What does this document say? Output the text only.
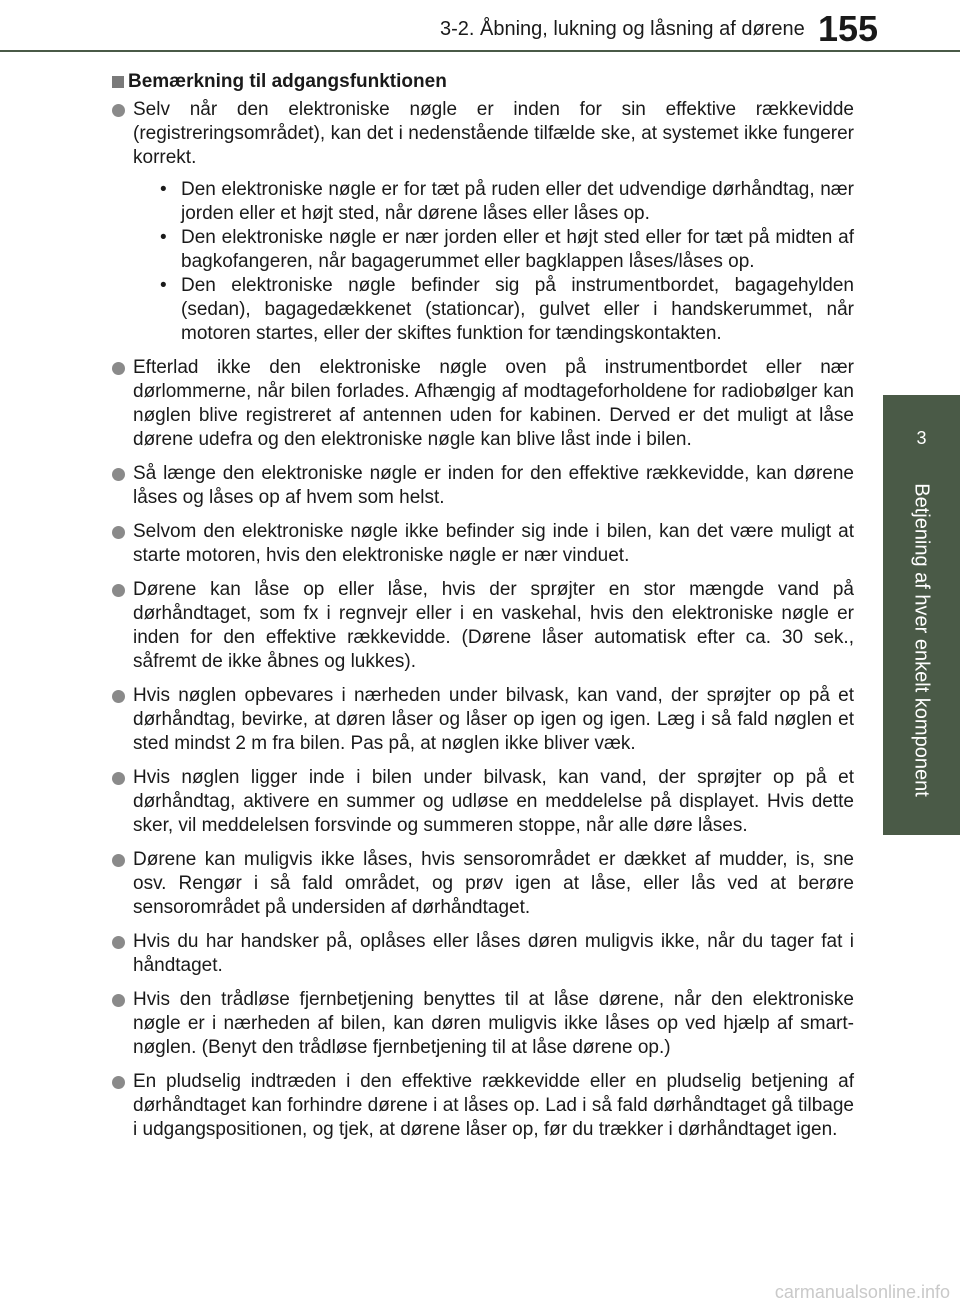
3-2. Åbning, lukning og låsning af dørene 155
3
Betjening af hver enkelt komponent
Bemærkning til adgangsfunktionen
Selv når den elektroniske nøgle er inden for sin effektive rækkevidde (registreringsområdet), kan det i nedenstående tilfælde ske, at systemet ikke fungerer korrekt.
• Den elektroniske nøgle er for tæt på ruden eller det udvendige dørhåndtag, nær jorden eller et højt sted, når dørene låses eller låses op.
• Den elektroniske nøgle er nær jorden eller et højt sted eller for tæt på midten af bagkofangeren, når bagagerummet eller bagklappen låses/låses op.
• Den elektroniske nøgle befinder sig på instrumentbordet, bagagehylden (sedan), bagagedækkenet (stationcar), gulvet eller i handskerummet, når motoren startes, eller der skiftes funktion for tændingskontakten.
Efterlad ikke den elektroniske nøgle oven på instrumentbordet eller nær dørlommerne, når bilen forlades. Afhængig af modtageforholdene for radiobølger kan nøglen blive registreret af antennen uden for kabinen. Derved er det muligt at låse dørene udefra og den elektroniske nøgle kan blive låst inde i bilen.
Så længe den elektroniske nøgle er inden for den effektive rækkevidde, kan dørene låses og låses op af hvem som helst.
Selvom den elektroniske nøgle ikke befinder sig inde i bilen, kan det være muligt at starte motoren, hvis den elektroniske nøgle er nær vinduet.
Dørene kan låse op eller låse, hvis der sprøjter en stor mængde vand på dørhåndtaget, som fx i regnvejr eller i en vaskehal, hvis den elektroniske nøgle er inden for den effektive rækkevidde. (Dørene låser automatisk efter ca. 30 sek., såfremt de ikke åbnes og lukkes).
Hvis nøglen opbevares i nærheden under bilvask, kan vand, der sprøjter op på et dørhåndtag, bevirke, at døren låser og låser op igen og igen. Læg i så fald nøglen et sted mindst 2 m fra bilen. Pas på, at nøglen ikke bliver væk.
Hvis nøglen ligger inde i bilen under bilvask, kan vand, der sprøjter op på et dørhåndtag, aktivere en summer og udløse en meddelelse på displayet. Hvis dette sker, vil meddelelsen forsvinde og summeren stoppe, når alle døre låses.
Dørene kan muligvis ikke låses, hvis sensorområdet er dækket af mudder, is, sne osv. Rengør i så fald området, og prøv igen at låse, eller lås ved at berøre sensorområdet på undersiden af dørhåndtaget.
Hvis du har handsker på, oplåses eller låses døren muligvis ikke, når du tager fat i håndtaget.
Hvis den trådløse fjernbetjening benyttes til at låse dørene, når den elektroniske nøgle er i nærheden af bilen, kan døren muligvis ikke låses op ved hjælp af smart-nøglen. (Benyt den trådløse fjernbetjening til at låse dørene op.)
En pludselig indtræden i den effektive rækkevidde eller en pludselig betjening af dørhåndtaget kan forhindre dørene i at låses op. Lad i så fald dørhåndtaget gå tilbage i udgangspositionen, og tjek, at dørene låser op, før du trækker i dørhåndtaget igen.
carmanualsonline.info
